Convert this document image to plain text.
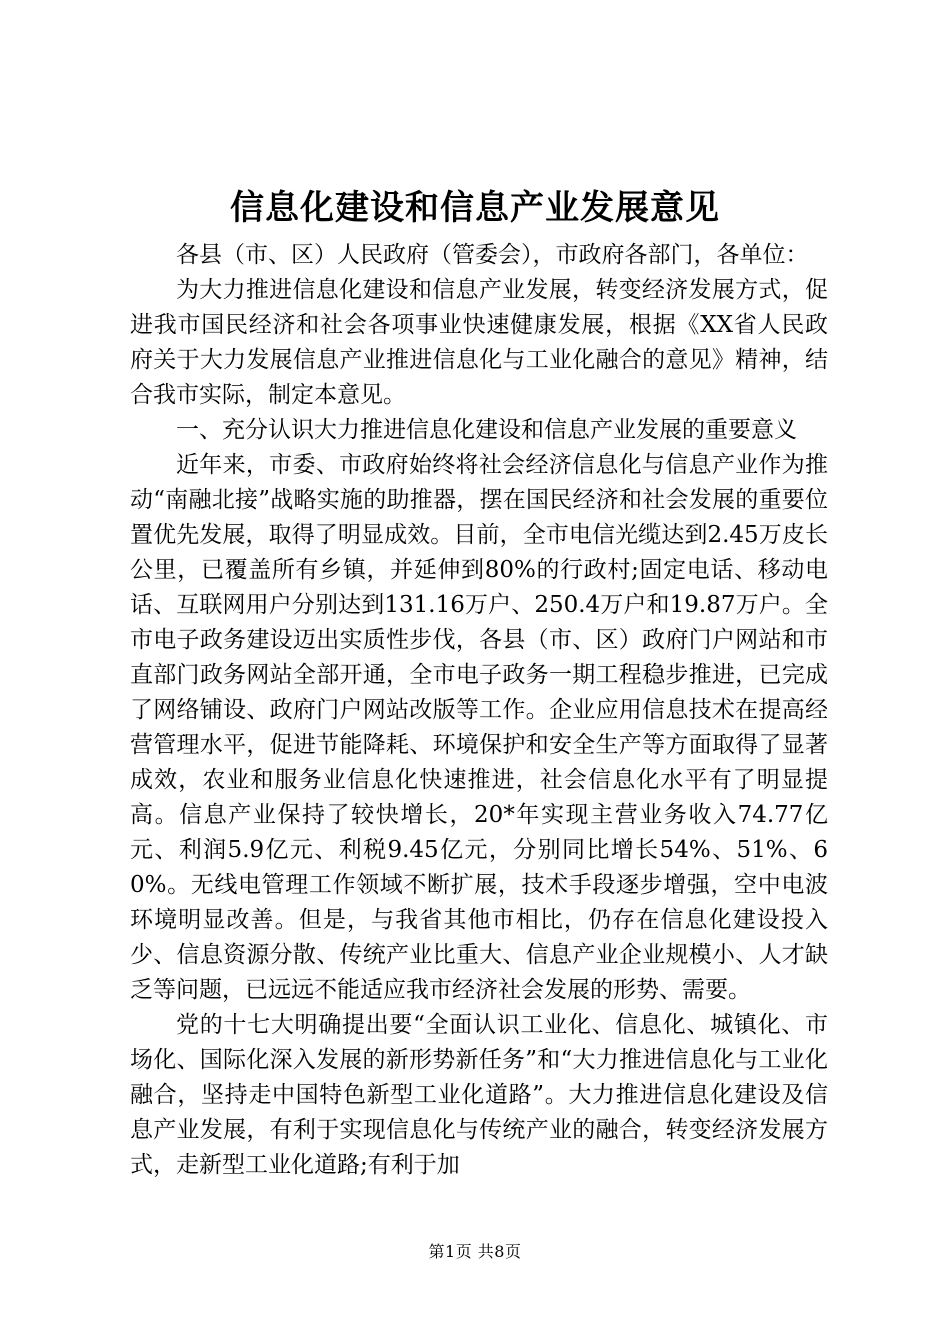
信息化建设和信息产业发展意见

各县（市、区）人民政府（管委会），市政府各部门，各单位：

为大力推进信息化建设和信息产业发展，转变经济发展方式，促进我市国民经济和社会各项事业快速健康发展，根据《XX省人民政府关于大力发展信息产业推进信息化与工业化融合的意见》精神，结合我市实际，制定本意见。

一、充分认识大力推进信息化建设和信息产业发展的重要意义

近年来，市委、市政府始终将社会经济信息化与信息产业作为推动“南融北接”战略实施的助推器，摆在国民经济和社会发展的重要位置优先发展，取得了明显成效。目前，全市电信光缆达到2.45万皮长公里，已覆盖所有乡镇，并延伸到80%的行政村;固定电话、移动电话、互联网用户分别达到131.16万户、250.4万户和19.87万户。全市电子政务建设迈出实质性步伐，各县（市、区）政府门户网站和市直部门政务网站全部开通，全市电子政务一期工程稳步推进，已完成了网络铺设、政府门户网站改版等工作。企业应用信息技术在提高经营管理水平，促进节能降耗、环境保护和安全生产等方面取得了显著成效，农业和服务业信息化快速推进，社会信息化水平有了明显提高。信息产业保持了较快增长，20*年实现主营业务收入74.77亿元、利润5.9亿元、利税9.45亿元，分别同比增长54%、51%、60%。无线电管理工作领域不断扩展，技术手段逐步增强，空中电波环境明显改善。但是，与我省其他市相比，仍存在信息化建设投入少、信息资源分散、传统产业比重大、信息产业企业规模小、人才缺乏等问题，已远远不能适应我市经济社会发展的形势、需要。

党的十七大明确提出要“全面认识工业化、信息化、城镇化、市场化、国际化深入发展的新形势新任务”和“大力推进信息化与工业化融合，坚持走中国特色新型工业化道路”。大力推进信息化建设及信息产业发展，有利于实现信息化与传统产业的融合，转变经济发展方式，走新型工业化道路;有利于加

第1页 共8页
